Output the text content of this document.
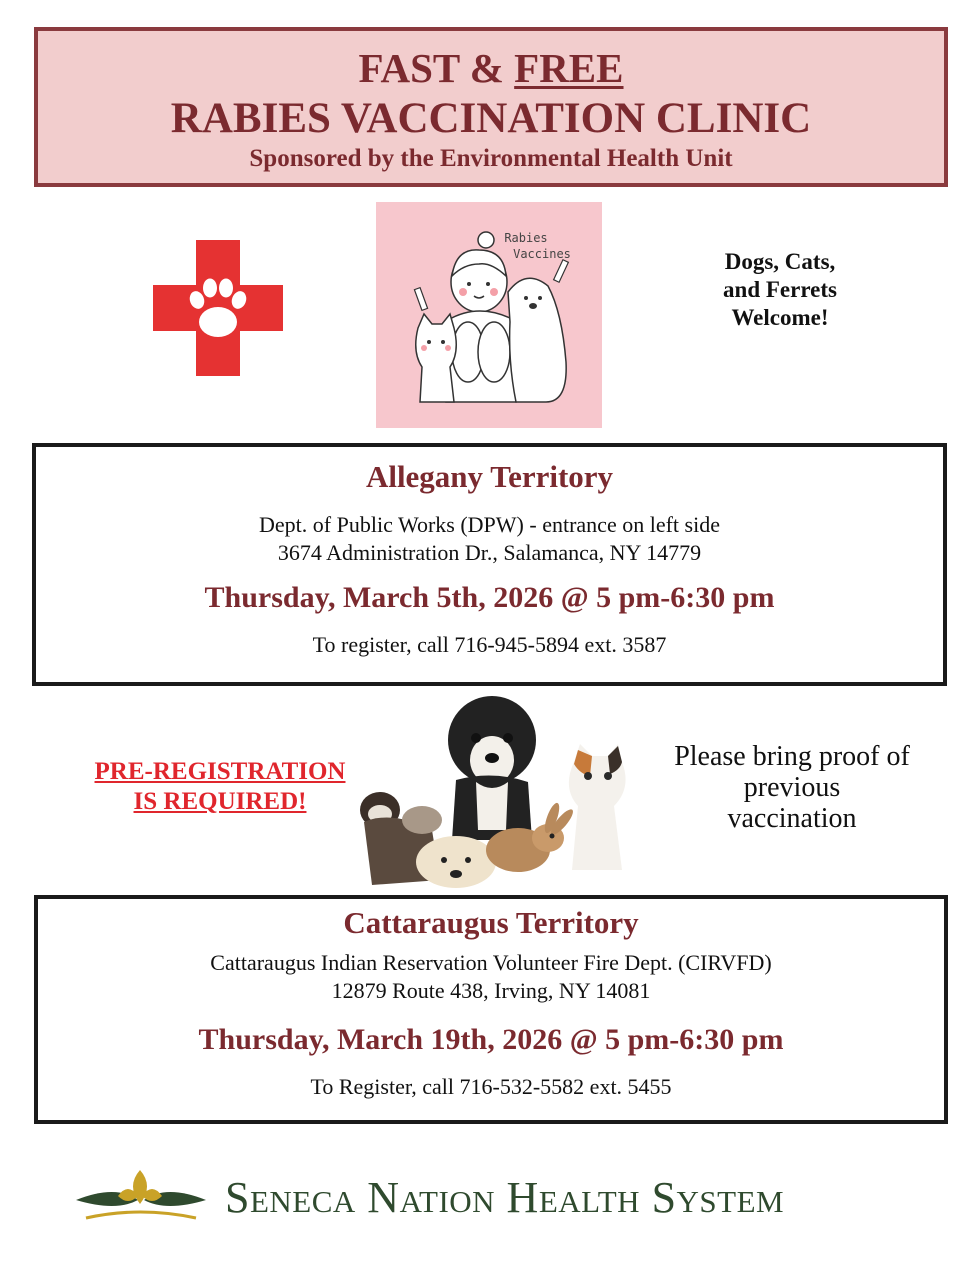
FAST & FREE
RABIES VACCINATION CLINIC
Sponsored by the Environmental Health Unit
Rabies
Vaccines	Dogs, Cats,
and Ferrets
Welcome!
Allegany Territory
Dept. of Public Works (DPW) - entrance on left side
3674 Administration Dr., Salamanca, NY 14779
Thursday, March 5th, 2026 @ 5 pm-6:30 pm
To register, call 716-945-5894 ext. 3587
PRE-REGISTRATION
IS REQUIRED!
Please bring proof of
previous
vaccination
Cattaraugus Territory
Cattaraugus Indian Reservation Volunteer Fire Dept. (CIRVFD)
12879 Route 438, Irving, NY 14081
Thursday, March 19th, 2026 @ 5 pm-6:30 pm
To Register, call 716-532-5582 ext. 5455
Seneca Nation Health System
